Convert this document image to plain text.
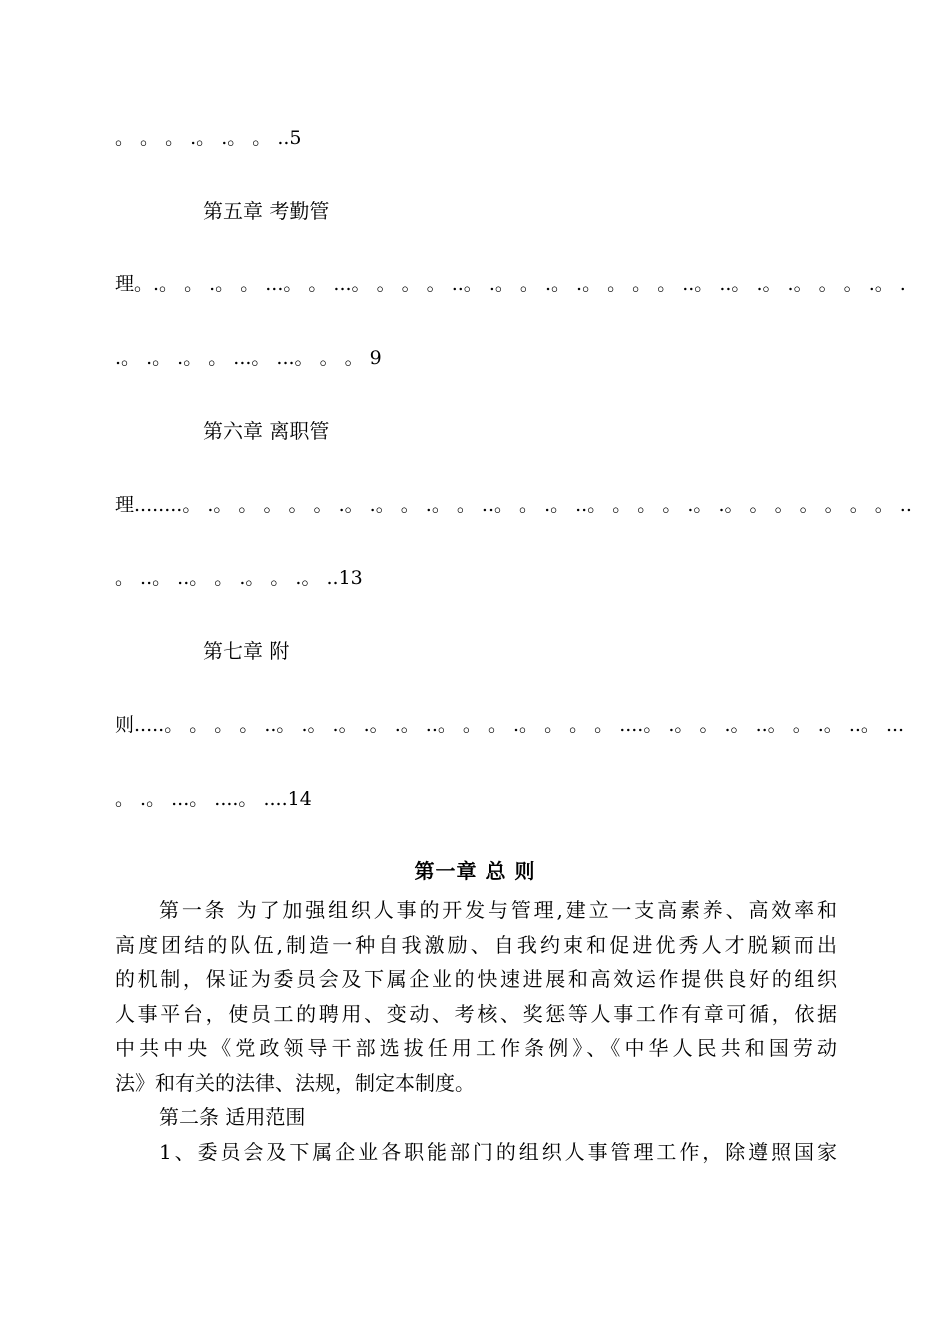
。 。 。 .。 .。 。 ..5
第五章 考勤管
理。.。 。 .。 。 ...。 。 ...。 。 。 。 ..。 .。 。 .。 .。 。 。 。 ..。 ..。 .。 .。 。 。 .。 .
.。 .。 .。 。 ...。 ...。 。 。 9
第六章 离职管
理........。 .。 。 。 。 。 .。 .。 。 .。 。 ..。 。 .。 ..。 。 。 。 .。 .。 。 。 。 。 。 。 ..
。 ..。 ..。 。 .。 。 .。 ..13
第七章 附
则.....。 。 。 。 ..。 .。 .。 .。 .。 ..。 。 。 .。 。 。 。 ....。 .。 。 .。 ..。 。 .。 ..。 ...
。 .。 ...。 ....。 ....14
第一章 总 则

第一条 为了加强组织人事的开发与管理,建立一支高素养、高效率和

高度团结的队伍,制造一种自我激励、自我约束和促进优秀人才脱颖而出

的机制，保证为委员会及下属企业的快速进展和高效运作提供良好的组织

人事平台，使员工的聘用、变动、考核、奖惩等人事工作有章可循，依据

中共中央《党政领导干部选拔任用工作条例》、《中华人民共和国劳动

法》和有关的法律、法规，制定本制度。

第二条 适用范围

1、委员会及下属企业各职能部门的组织人事管理工作，除遵照国家
